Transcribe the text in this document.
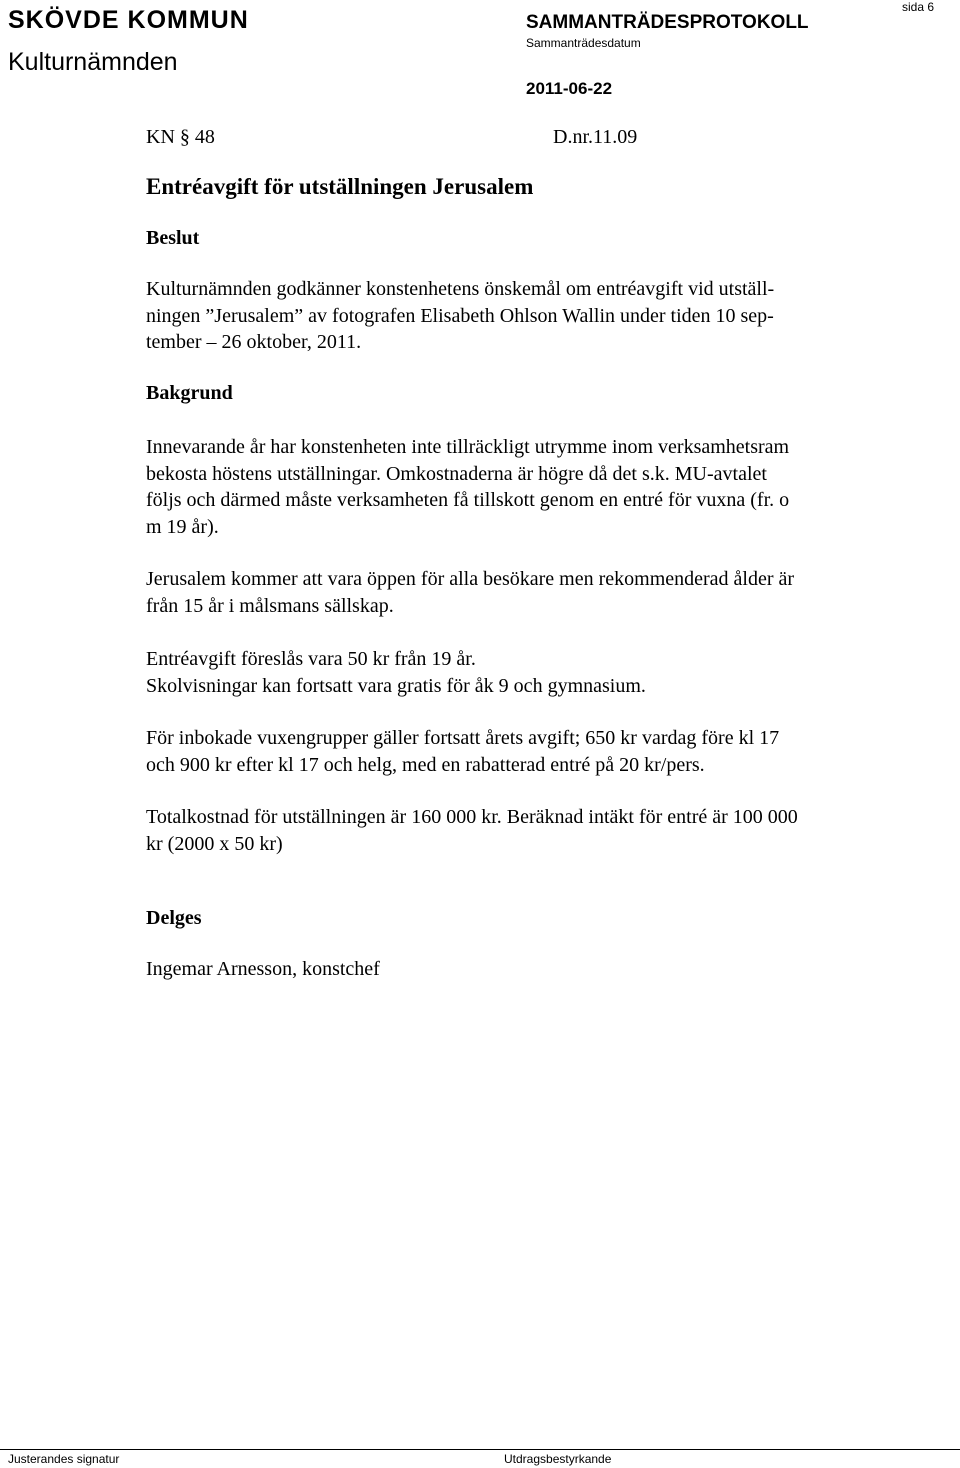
SKÖVDE KOMMUN
Kulturnämnden
SAMMANTRÄDESPROTOKOLL
Sammanträdesdatum
2011-06-22
sida 6
KN § 48	D.nr.11.09
Entréavgift för utställningen Jerusalem
Beslut
Kulturnämnden godkänner konstenhetens önskemål om entréavgift vid utställ-
ningen ”Jerusalem” av fotografen Elisabeth Ohlson Wallin under tiden 10 sep-
tember – 26 oktober, 2011.
Bakgrund
Innevarande år har konstenheten inte tillräckligt utrymme inom verksamhetsram
bekosta höstens utställningar. Omkostnaderna är högre då det s.k. MU-avtalet
följs och därmed måste verksamheten få tillskott genom en entré för vuxna (fr. o
m 19 år).
Jerusalem kommer att vara öppen för alla besökare men rekommenderad ålder är
från 15 år i målsmans sällskap.
Entréavgift föreslås vara 50 kr från 19 år.
Skolvisningar kan fortsatt vara gratis för åk 9 och gymnasium.
För inbokade vuxengrupper gäller fortsatt årets avgift; 650 kr vardag före kl 17
och 900 kr efter kl 17 och helg, med en rabatterad entré på 20 kr/pers.
Totalkostnad för utställningen är 160 000 kr. Beräknad intäkt för entré är 100 000
kr (2000 x 50 kr)
Delges
Ingemar Arnesson, konstchef
Justerandes signatur	Utdragsbestyrkande
